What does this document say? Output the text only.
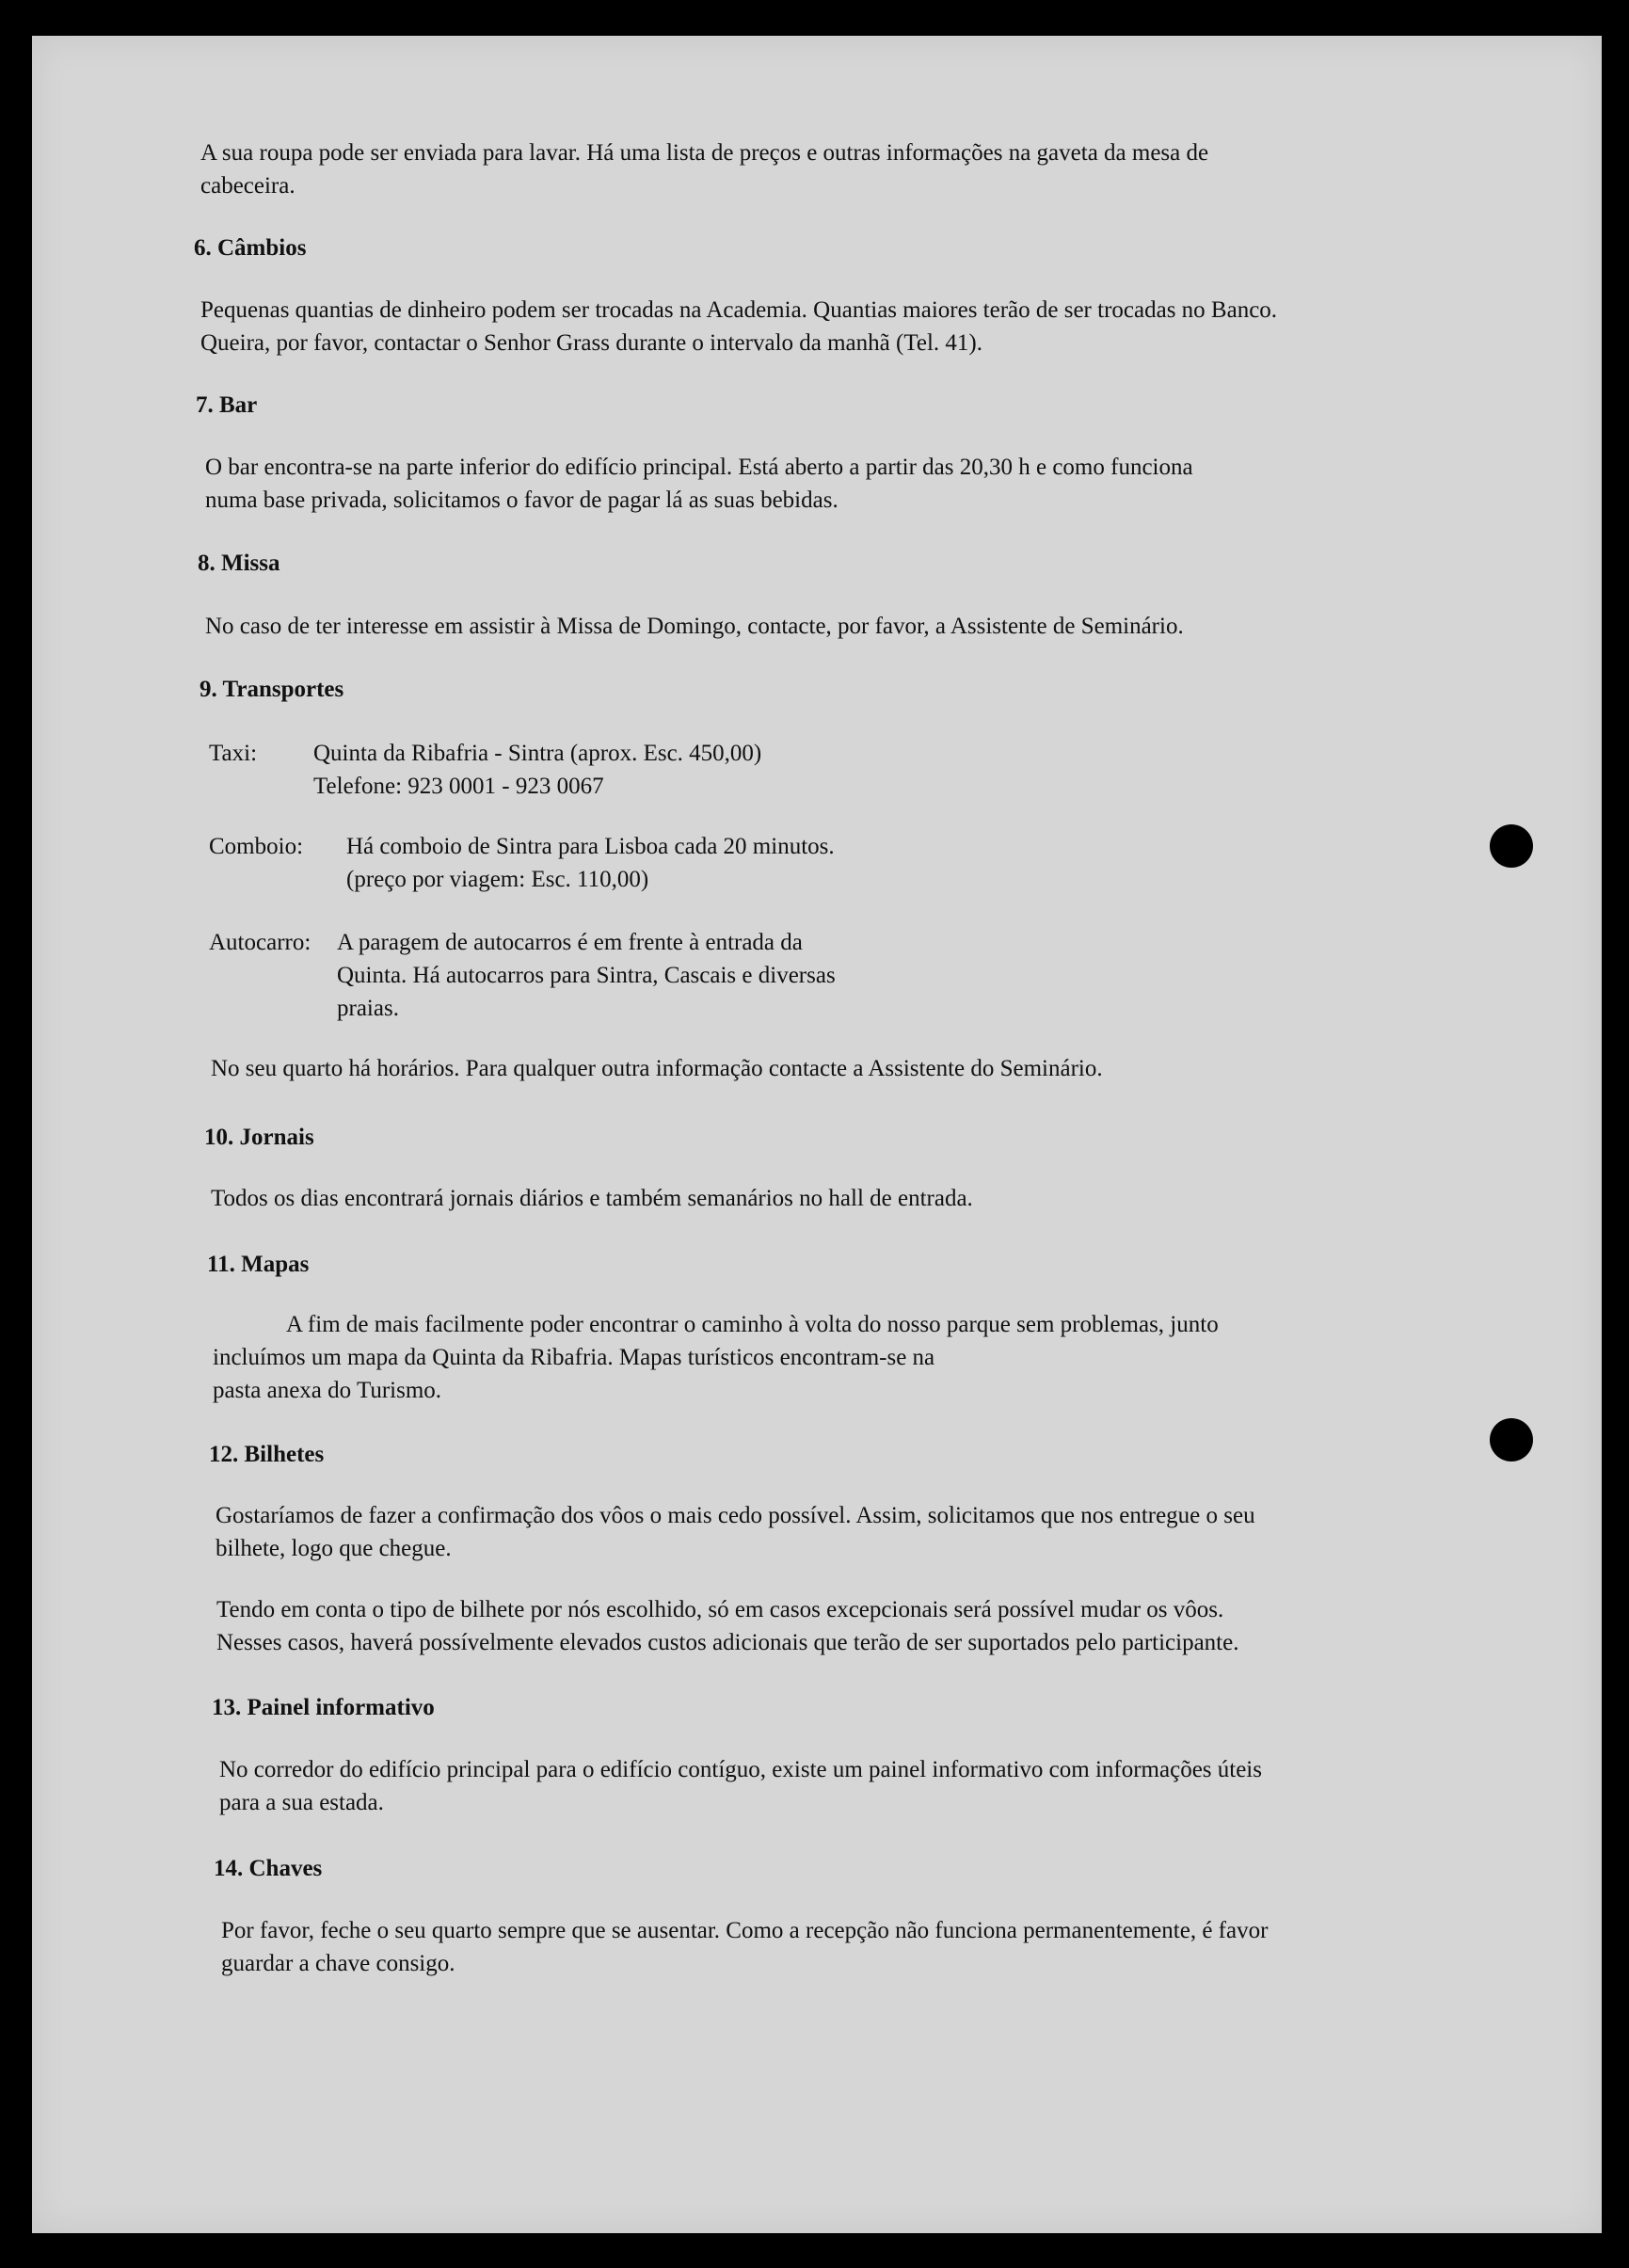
A sua roupa pode ser enviada para lavar. Há uma lista de preços e outras informações na gaveta da mesa de
cabeceira.
6. Câmbios
Pequenas quantias de dinheiro podem ser trocadas na Academia. Quantias maiores terão de ser trocadas no Banco.
Queira, por favor, contactar o Senhor Grass durante o intervalo da manhã (Tel. 41).
7. Bar
O bar encontra-se na parte inferior do edifício principal. Está aberto a partir das 20,30 h e como funciona
numa base privada, solicitamos o favor de pagar lá as suas bebidas.
8. Missa
No caso de ter interesse em assistir à Missa de Domingo, contacte, por favor, a Assistente de Seminário.
9. Transportes
Taxi: Quinta da Ribafria - Sintra (aprox. Esc. 450,00)
Telefone: 923 0001 - 923 0067
Comboio: Há comboio de Sintra para Lisboa cada 20 minutos.
(preço por viagem: Esc. 110,00)
Autocarro: A paragem de autocarros é em frente à entrada da
Quinta. Há autocarros para Sintra, Cascais e diversas
praias.
No seu quarto há horários. Para qualquer outra informação contacte a Assistente do Seminário.
10. Jornais
Todos os dias encontrará jornais diários e também semanários no hall de entrada.
11. Mapas
A fim de mais facilmente poder encontrar o caminho à volta do nosso parque sem problemas, junto
incluímos um mapa da Quinta da Ribafria. Mapas turísticos encontram-se na
pasta anexa do Turismo.
12. Bilhetes
Gostaríamos de fazer a confirmação dos vôos o mais cedo possível. Assim, solicitamos que nos entregue o seu
bilhete, logo que chegue.
Tendo em conta o tipo de bilhete por nós escolhido, só em casos excepcionais será possível mudar os vôos.
Nesses casos, haverá possívelmente elevados custos adicionais que terão de ser suportados pelo participante.
13. Painel informativo
No corredor do edifício principal para o edifício contíguo, existe um painel informativo com informações úteis
para a sua estada.
14. Chaves
Por favor, feche o seu quarto sempre que se ausentar. Como a recepção não funciona permanentemente, é favor
guardar a chave consigo.
